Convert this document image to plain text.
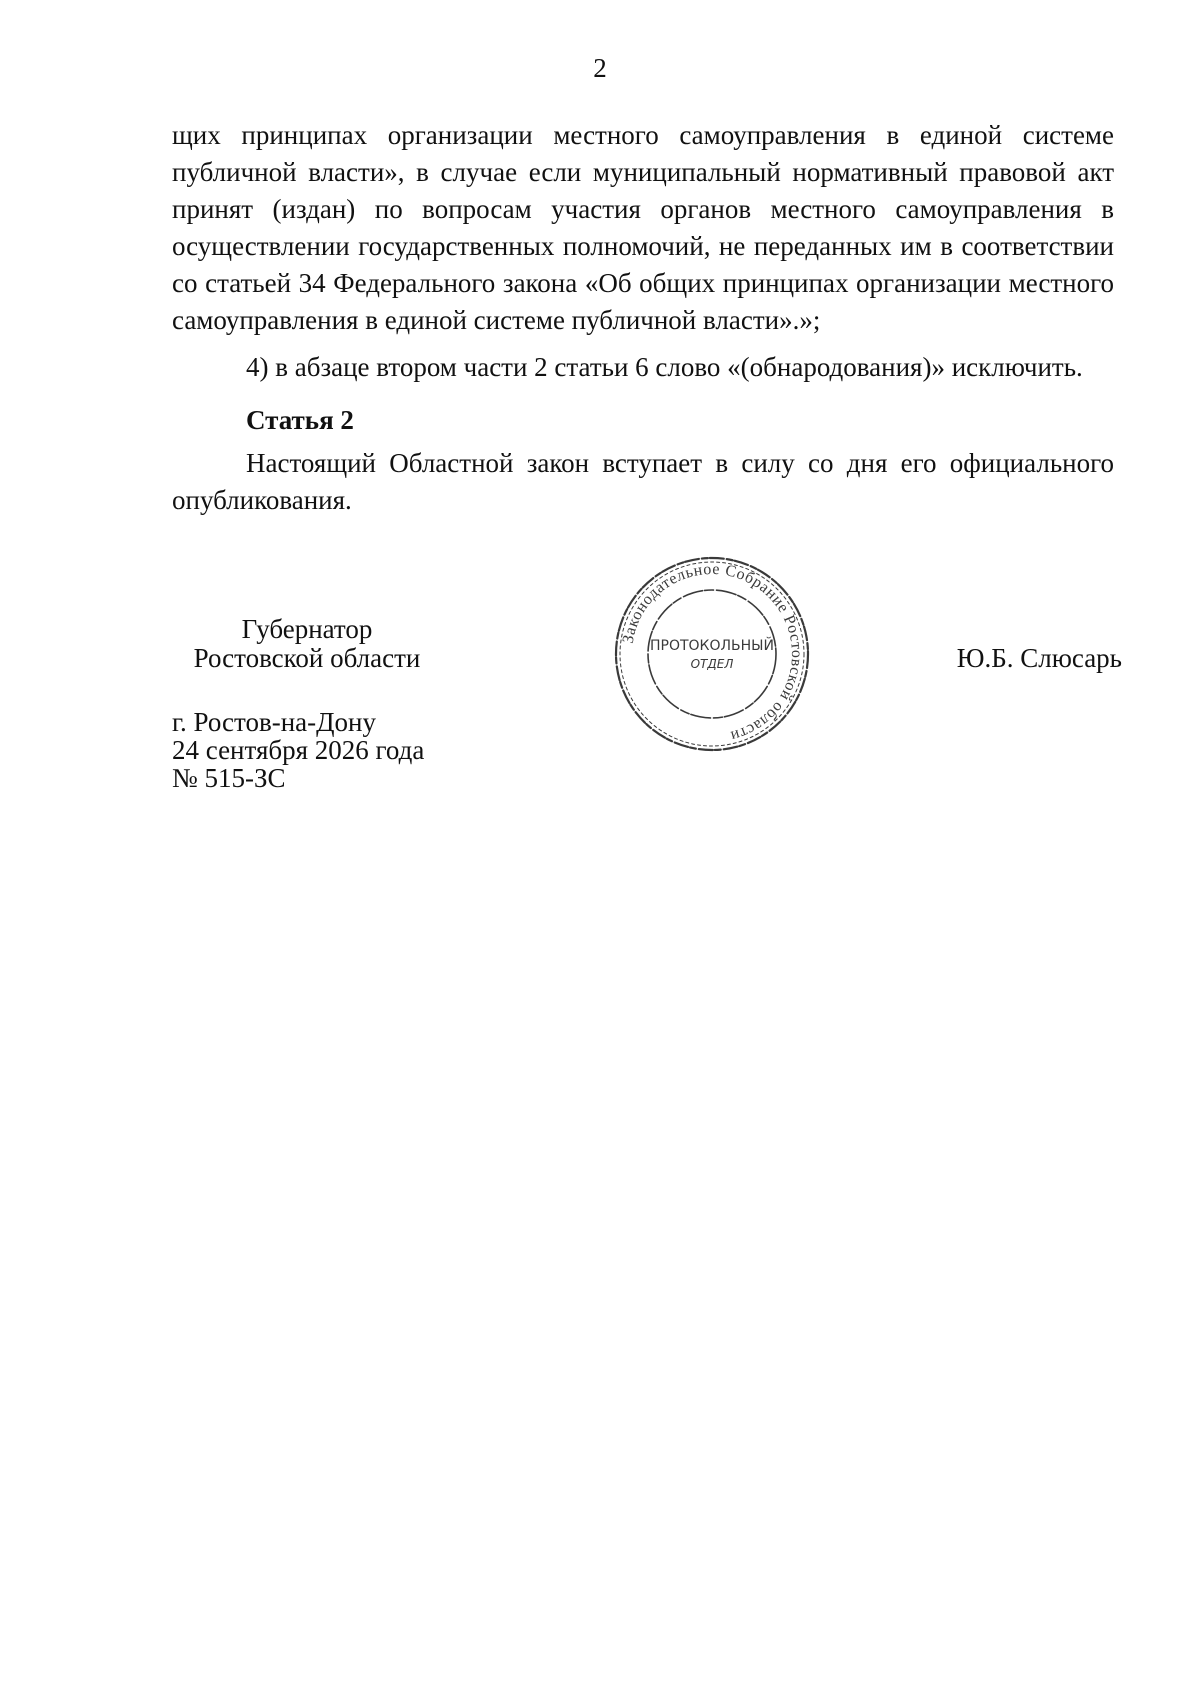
2

щих принципах организации местного самоуправления в единой системе публичной власти», в случае если муниципальный нормативный правовой акт принят (издан) по вопросам участия органов местного самоуправления в осуществлении государственных полномочий, не переданных им в соответствии со статьей 34 Федерального закона «Об общих принципах организации местного самоуправления в единой системе публичной власти».»;

4) в абзаце втором части 2 статьи 6 слово «(обнародования)» исключить.

Статья 2

Настоящий Областной закон вступает в силу со дня его официального опубликования.

Губернатор
Ростовской области
Законодательное Собрание Ростовской области
ПРОТОКОЛЬНЫЙ
ОТДЕЛ	Ю.Б. Слюсарь
г. Ростов-на-Дону
24 сентября 2026 года
№ 515-ЗС
